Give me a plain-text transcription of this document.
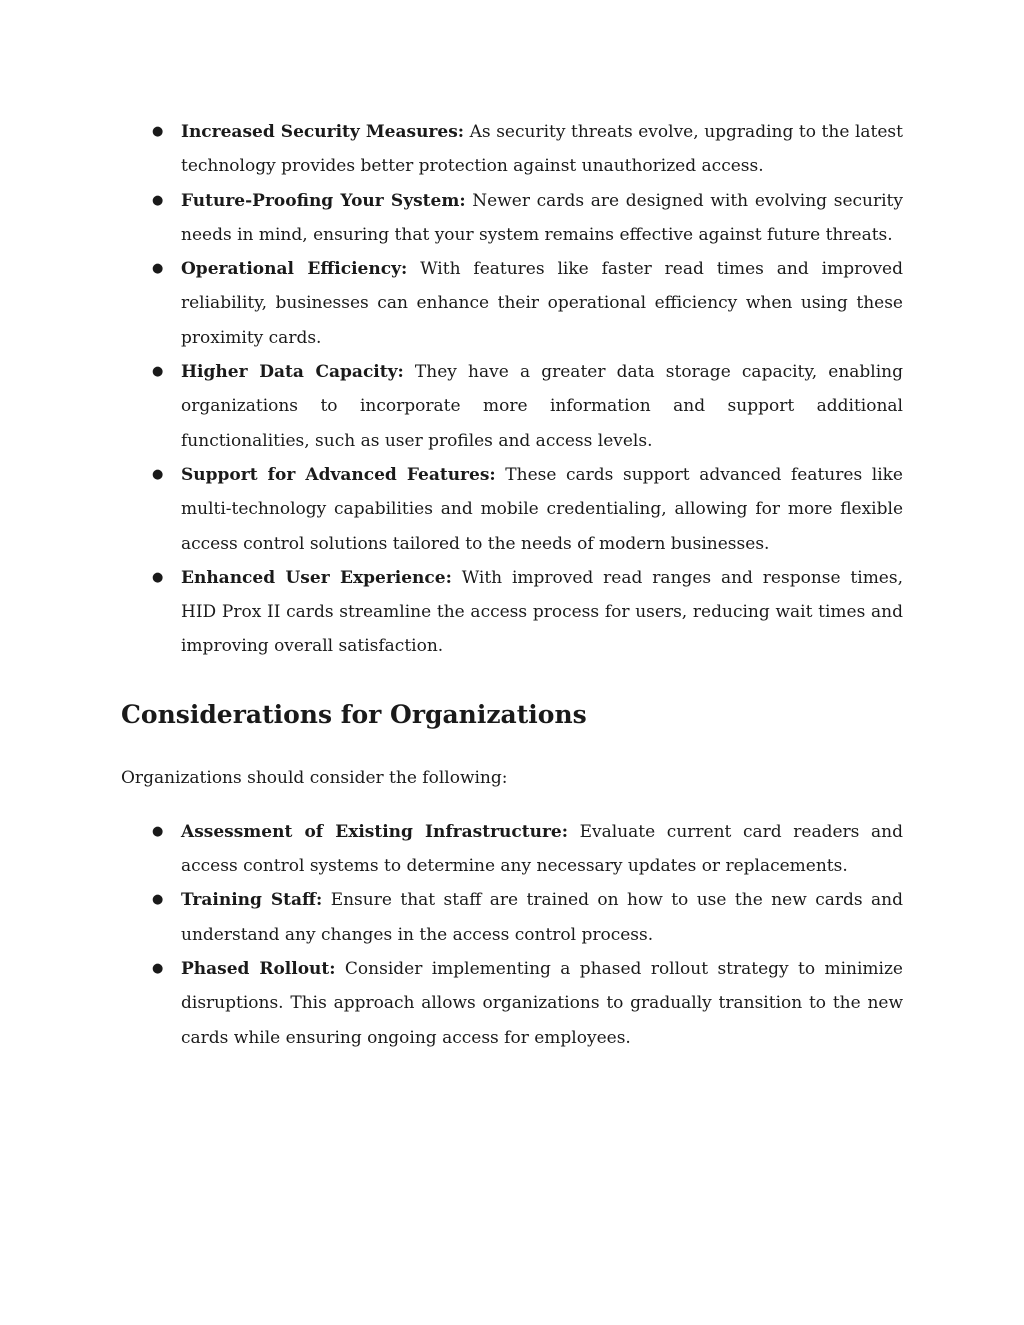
● Increased Security Measures: As security threats evolve, upgrading to the latest technology provides better protection against unauthorized access.
● Future-Proofing Your System: Newer cards are designed with evolving security needs in mind, ensuring that your system remains effective against future threats.
● Operational Efficiency: With features like faster read times and improved reliability, businesses can enhance their operational efficiency when using these proximity cards.
● Higher Data Capacity: They have a greater data storage capacity, enabling organizations to incorporate more information and support additional functionalities, such as user profiles and access levels.
● Support for Advanced Features: These cards support advanced features like multi-technology capabilities and mobile credentialing, allowing for more flexible access control solutions tailored to the needs of modern businesses.
● Enhanced User Experience: With improved read ranges and response times, HID Prox II cards streamline the access process for users, reducing wait times and improving overall satisfaction.
Considerations for Organizations

Organizations should consider the following:

● Assessment of Existing Infrastructure: Evaluate current card readers and access control systems to determine any necessary updates or replacements.
● Training Staff: Ensure that staff are trained on how to use the new cards and understand any changes in the access control process.
● Phased Rollout: Consider implementing a phased rollout strategy to minimize disruptions. This approach allows organizations to gradually transition to the new cards while ensuring ongoing access for employees.
